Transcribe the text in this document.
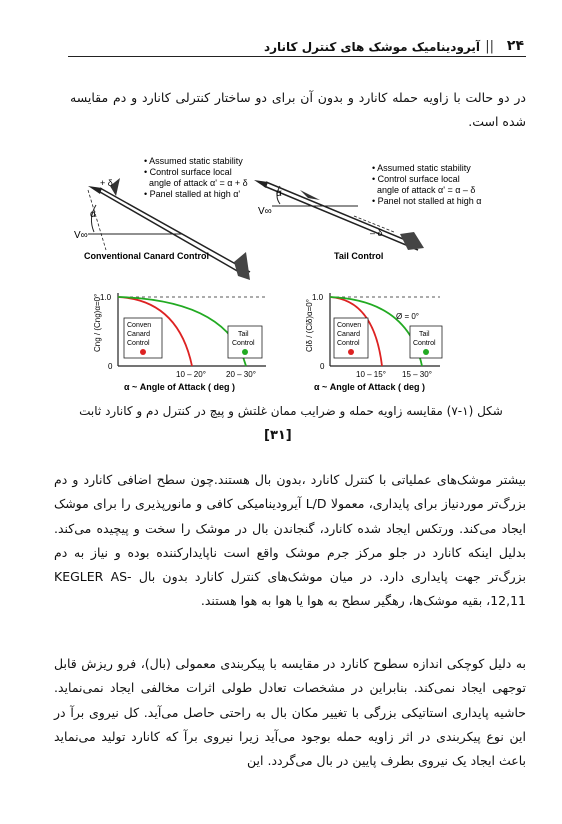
۲۴
||
آیرودینامیک موشک های کنترل کانارد
در دو حالت با زاویه حمله کانارد و بدون آن برای دو ساختار کنترلی کانارد و دم مقایسه شده است.
• Assumed static stability
• Control surface local
angle of attack α' = α + δ
• Panel stalled at high α'
+ δ
α
V∞
Conventional Canard Control
• Assumed static stability
• Control surface local
angle of attack α' = α – δ
• Panel not stalled at high α
α
V∞
– δ
Tail Control
1.0
0
Cng / (Cng)α=0°	Conven
Canard
Control
Tail
Control
10 – 20°	20 – 30°
α ~ Angle of Attack ( deg )
1.0
0
Clδ / (Clδ)α=0°	Ø = 0°
Conven
Canard
Control
Tail
Control
10 – 15° 15 – 30°
α ~ Angle of Attack ( deg )
شکل (۱-۷) مقایسه زاویه حمله و ضرایب ممان غلتش و پیچ در کنترل دم و کانارد ثابت
[۳۱]
بیشتر موشک‌های عملیاتی با کنترل کانارد ،بدون بال هستند.چون سطح اضافی کانارد و دم بزرگ‌تر موردنیاز برای پایداری، معمولا L/D آیرودینامیکی کافی و مانورپذیری را برای موشک ایجاد می‌کند. ورتکس ایجاد شده کانارد، گنجاندن بال در موشک را سخت و پیچیده می‌کند. بدلیل اینکه کانارد در جلو مرکز جرم موشک واقع است ناپایدارکننده بوده و نیاز به دم بزرگ‌تر جهت پایداری دارد. در میان موشک‌های کنترل کانارد بدون بال KEGLER AS-12,11، بقیه موشک‌ها، رهگیر سطح به هوا یا هوا به هوا هستند.
به دلیل کوچکی اندازه سطوح کانارد در مقایسه با پیکربندی معمولی (بال)، فرو ریزش قابل توجهی ایجاد نمی‌کند. بنابراین در مشخصات تعادل طولی اثرات مخالفی ایجاد نمی‌نماید. حاشیه پایداری استاتیکی بزرگی با تغییر مکان بال به راحتی حاصل می‌آید. کل نیروی برآ در این نوع پیکربندی در اثر زاویه حمله بوجود می‌آید زیرا نیروی برآ که کانارد تولید می‌نماید باعث ایجاد یک نیروی بطرف پایین در بال می‌گردد. این
